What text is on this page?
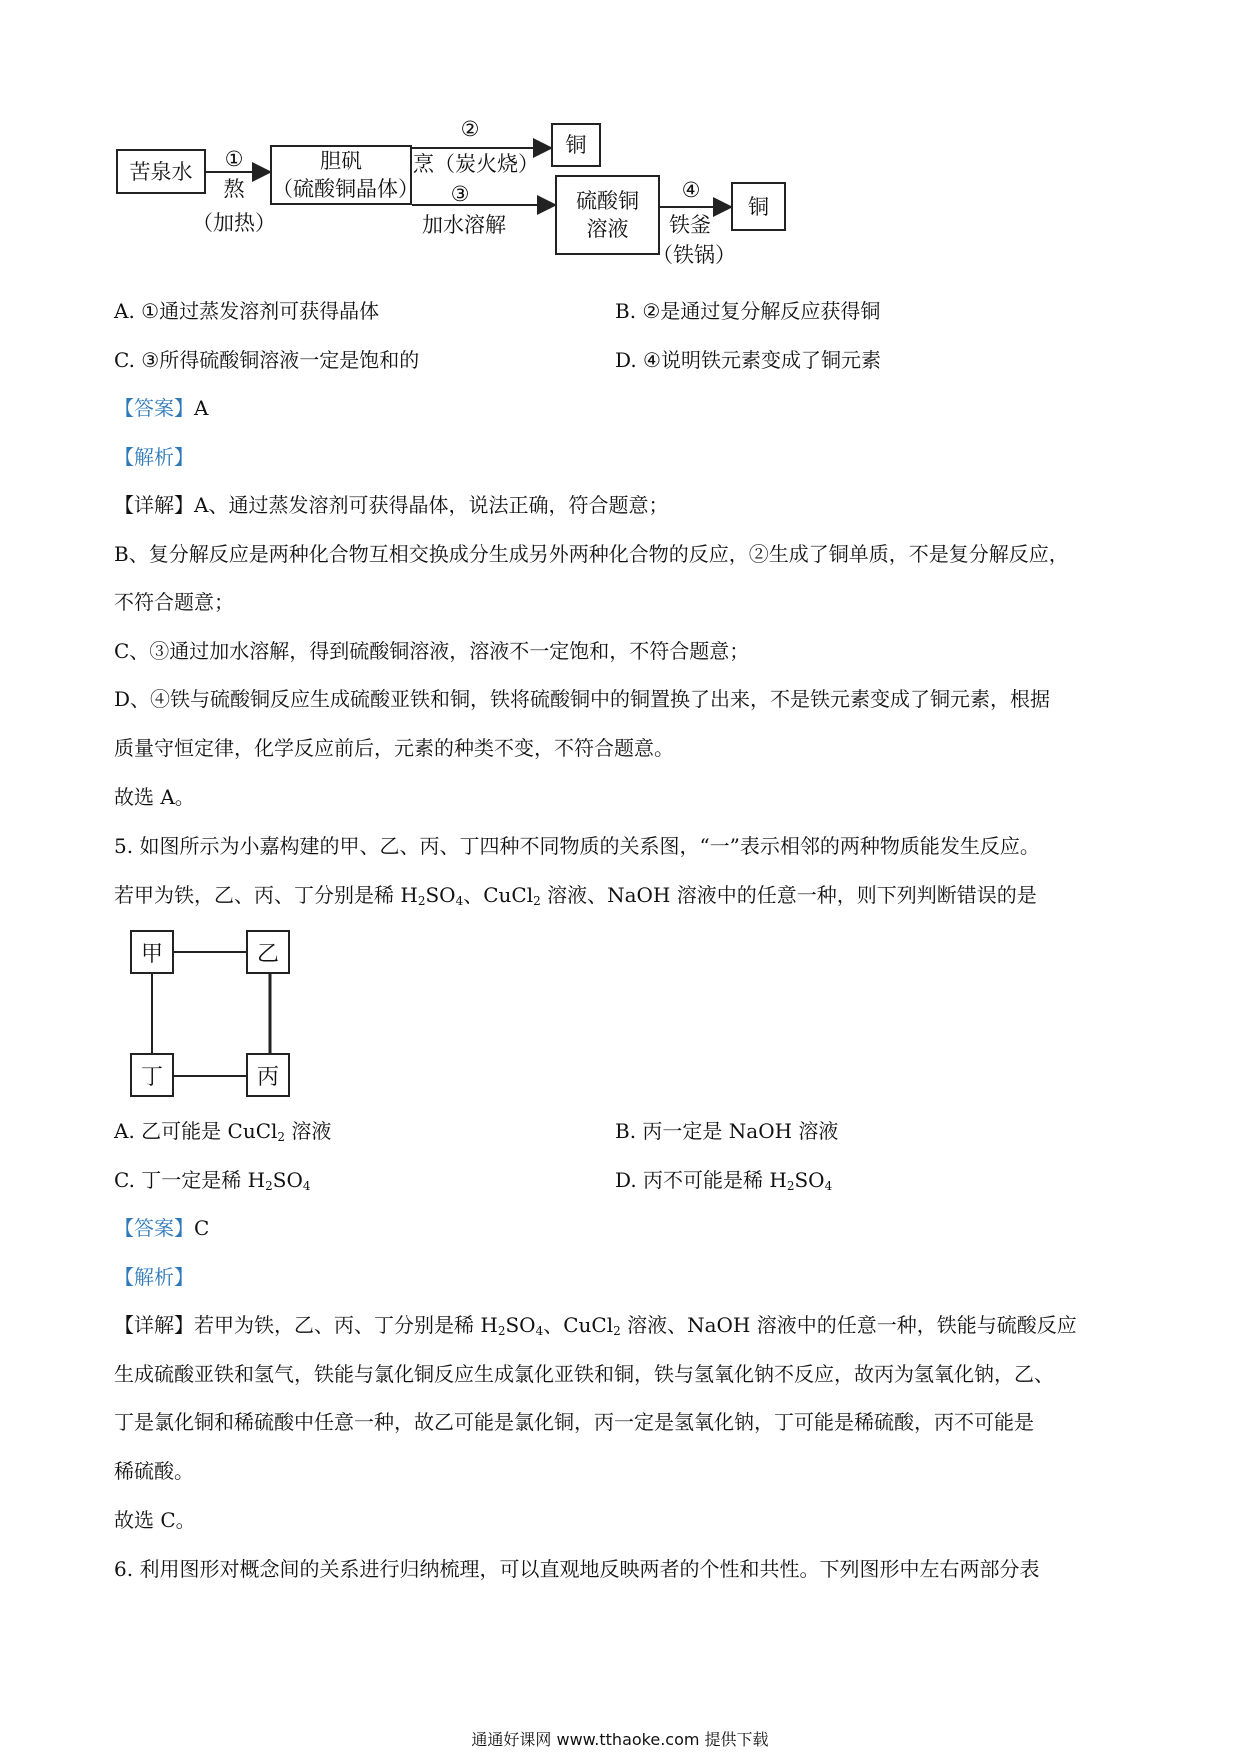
苦泉水
①
熬
（加热）
胆矾
（硫酸铜晶体）
②
烹（炭火烧）
铜
③
加水溶解
硫酸铜
溶液
④
铁釜
（铁锅）
铜
A. ①通过蒸发溶剂可获得晶体	B. ②是通过复分解反应获得铜
C. ③所得硫酸铜溶液一定是饱和的	D. ④说明铁元素变成了铜元素
【答案】A
【解析】
【详解】A、通过蒸发溶剂可获得晶体，说法正确，符合题意；
B、复分解反应是两种化合物互相交换成分生成另外两种化合物的反应，②生成了铜单质，不是复分解反应，
不符合题意；
C、③通过加水溶解，得到硫酸铜溶液，溶液不一定饱和，不符合题意；
D、④铁与硫酸铜反应生成硫酸亚铁和铜，铁将硫酸铜中的铜置换了出来，不是铁元素变成了铜元素，根据
质量守恒定律，化学反应前后，元素的种类不变，不符合题意。
故选 A。
5. 如图所示为小嘉构建的甲、乙、丙、丁四种不同物质的关系图，“一”表示相邻的两种物质能发生反应。
若甲为铁，乙、丙、丁分别是稀 $H_2SO_4$、CuCl$_2$ 溶液、NaOH 溶液中的任意一种，则下列判断错误的是
甲	乙
丁	丙
A. 乙可能是 CuCl$_2$ 溶液	B. 丙一定是 NaOH 溶液
C. 丁一定是稀 $H_2SO_4$	D. 丙不可能是稀 $H_2SO_4$
【答案】C
【解析】
【详解】若甲为铁，乙、丙、丁分别是稀 $H_2SO_4$、CuCl$_2$ 溶液、NaOH 溶液中的任意一种，铁能与硫酸反应
生成硫酸亚铁和氢气，铁能与氯化铜反应生成氯化亚铁和铜，铁与氢氧化钠不反应，故丙为氢氧化钠，乙、
丁是氯化铜和稀硫酸中任意一种，故乙可能是氯化铜，丙一定是氢氧化钠，丁可能是稀硫酸，丙不可能是
稀硫酸。
故选 C。
6. 利用图形对概念间的关系进行归纳梳理，可以直观地反映两者的个性和共性。下列图形中左右两部分表
通通好课网 www.tthaoke.com 提供下载
